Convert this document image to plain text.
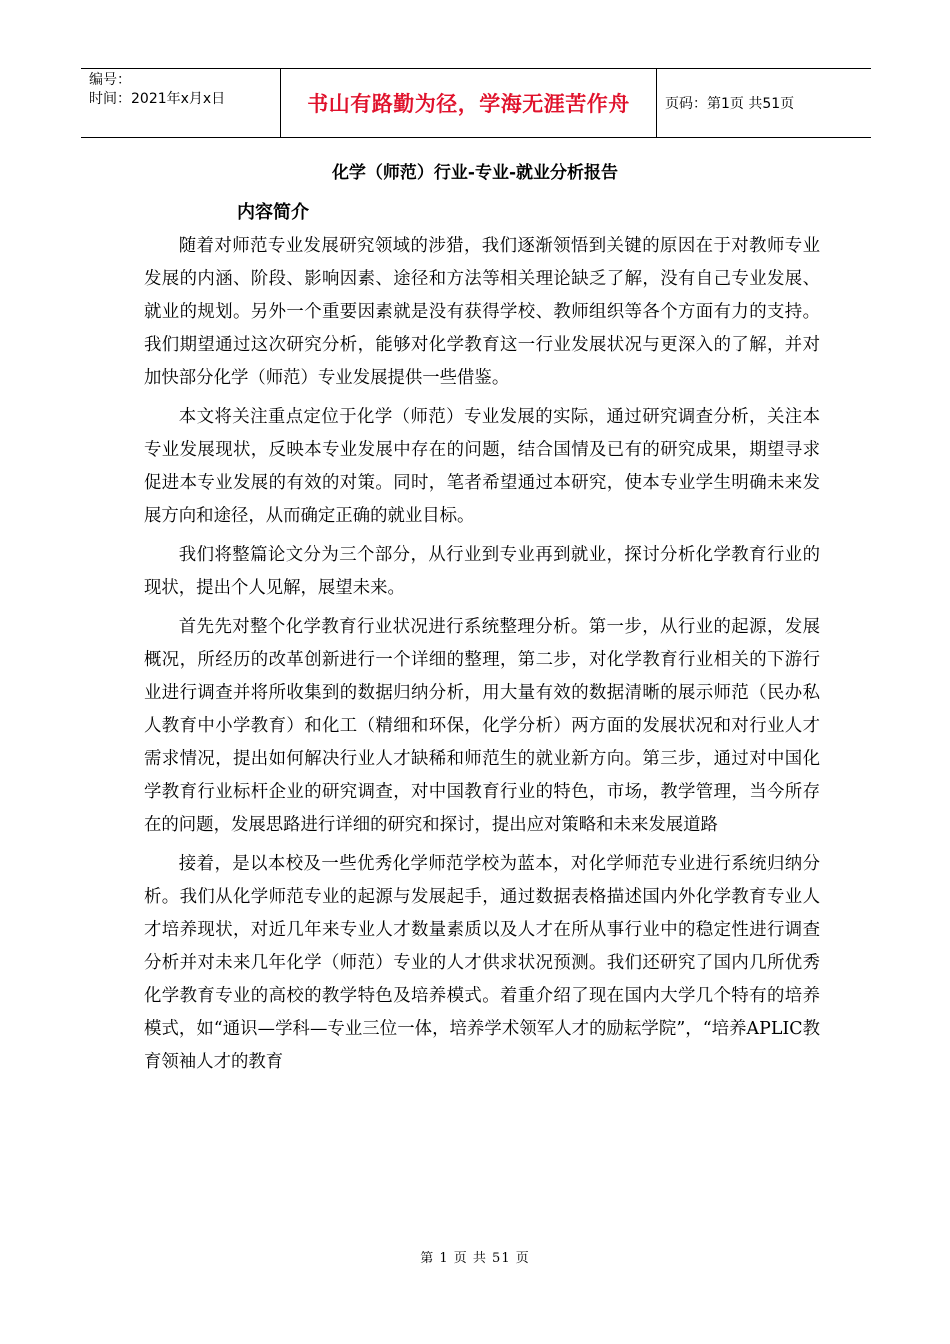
编号：
时间：2021年x月x日	书山有路勤为径，学海无涯苦作舟	页码：第1页 共51页
化学（师范）行业-专业-就业分析报告
内容简介

随着对师范专业发展研究领域的涉猎，我们逐渐领悟到关键的原因在于对教师专业发展的内涵、阶段、影响因素、途径和方法等相关理论缺乏了解，没有自己专业发展、就业的规划。另外一个重要因素就是没有获得学校、教师组织等各个方面有力的支持。我们期望通过这次研究分析，能够对化学教育这一行业发展状况与更深入的了解，并对加快部分化学（师范）专业发展提供一些借鉴。

本文将关注重点定位于化学（师范）专业发展的实际，通过研究调查分析，关注本专业发展现状，反映本专业发展中存在的问题，结合国情及已有的研究成果，期望寻求促进本专业发展的有效的对策。同时，笔者希望通过本研究，使本专业学生明确未来发展方向和途径，从而确定正确的就业目标。

我们将整篇论文分为三个部分，从行业到专业再到就业，探讨分析化学教育行业的现状，提出个人见解，展望未来。

首先先对整个化学教育行业状况进行系统整理分析。第一步，从行业的起源，发展概况，所经历的改革创新进行一个详细的整理，第二步，对化学教育行业相关的下游行业进行调查并将所收集到的数据归纳分析，用大量有效的数据清晰的展示师范（民办私人教育中小学教育）和化工（精细和环保，化学分析）两方面的发展状况和对行业人才需求情况，提出如何解决行业人才缺稀和师范生的就业新方向。第三步，通过对中国化学教育行业标杆企业的研究调查，对中国教育行业的特色，市场，教学管理，当今所存在的问题，发展思路进行详细的研究和探讨，提出应对策略和未来发展道路

接着，是以本校及一些优秀化学师范学校为蓝本，对化学师范专业进行系统归纳分析。我们从化学师范专业的起源与发展起手，通过数据表格描述国内外化学教育专业人才培养现状，对近几年来专业人才数量素质以及人才在所从事行业中的稳定性进行调查分析并对未来几年化学（师范）专业的人才供求状况预测。我们还研究了国内几所优秀化学教育专业的高校的教学特色及培养模式。着重介绍了现在国内大学几个特有的培养模式，如“通识—学科—专业三位一体，培养学术领军人才的励耘学院”，“培养APLIC教育领袖人才的教育

第 1 页 共 51 页
